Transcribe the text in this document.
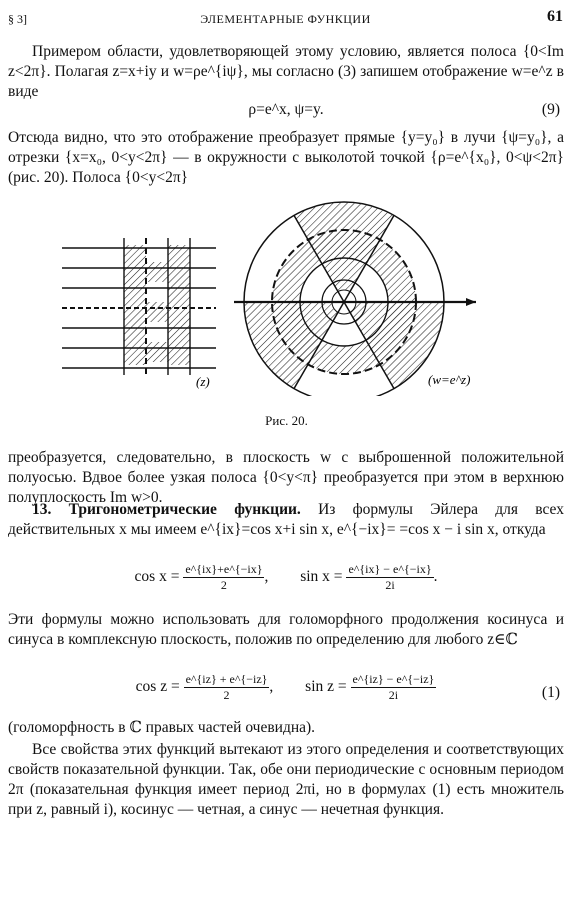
§ 3]	ЭЛЕМЕНТАРНЫЕ ФУНКЦИИ	61

Примером области, удовлетворяющей этому условию, является полоса {0<Im z<2π}. Полагая z=x+iy и w=ρe^{iψ}, мы согласно (3) запишем отображение w=e^z в виде

ρ=e^x, ψ=y.	(9)

Отсюда видно, что это отображение преобразует прямые {y=y₀} в лучи {ψ=y₀}, а отрезки {x=x₀, 0<y<2π} — в окружности с выколотой точкой {ρ=e^{x₀}, 0<ψ<2π} (рис. 20). Полоса {0<y<2π}

(z)	(w=e^z)
Рис. 20.

преобразуется, следовательно, в плоскость w с выброшенной положительной полуосью. Вдвое более узкая полоса {0<y<π} преобразуется при этом в верхнюю полуплоскость Im w>0.

13. Тригонометрические функции. Из формулы Эйлера для всех действительных x мы имеем e^{ix}=cos x+i sin x, e^{−ix}= =cos x − i sin x, откуда

$\cos x = \frac{e\^{}\{ix\}+e\^{}\{-ix\}}{2}$ , $\sin x = \frac{e\^{}\{ix\} - e\^{}\{-ix\}}{2i}$ .

Эти формулы можно использовать для голоморфного продолжения косинуса и синуса в комплексную плоскость, положив по определению для любого z∈ℂ

$\cos z = \frac{e\^{}\{iz\} + e\^{}\{-iz\}}{2}$ , $\sin z = \frac{e\^{}\{iz\} - e\^{}\{-iz\}}{2i}$	(1)

(голоморфность в ℂ правых частей очевидна).

Все свойства этих функций вытекают из этого определения и соответствующих свойств показательной функции. Так, обе они периодические с основным периодом 2π (показательная функция имеет период 2πi, но в формулах (1) есть множитель при z, равный i), косинус — четная, а синус — нечетная функция.
